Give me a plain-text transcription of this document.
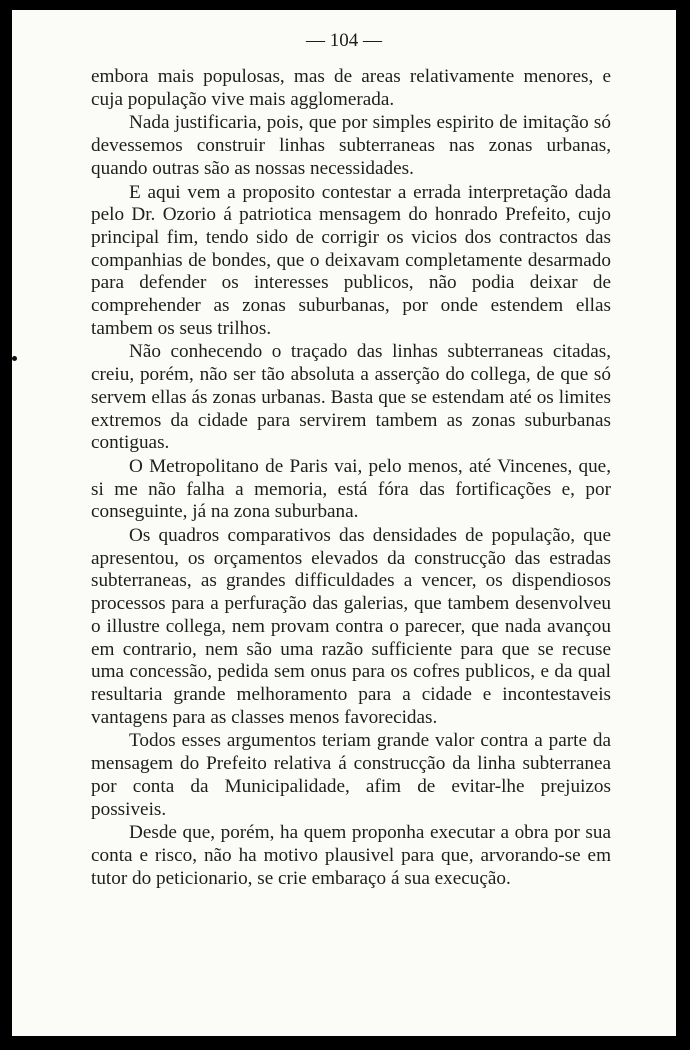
— 104 —

embora mais populosas, mas de areas relativamente menores, e cuja população vive mais agglomerada.

Nada justificaria, pois, que por simples espirito de imitação só devessemos construir linhas subterraneas nas zonas urbanas, quando outras são as nossas necessidades.

E aqui vem a proposito contestar a errada interpretação dada pelo Dr. Ozorio á patriotica mensagem do honrado Prefeito, cujo principal fim, tendo sido de corrigir os vicios dos contractos das companhias de bondes, que o deixavam completamente desarmado para defender os interesses publicos, não podia deixar de comprehender as zonas suburbanas, por onde estendem ellas tambem os seus trilhos.

Não conhecendo o traçado das linhas subterraneas citadas, creiu, porém, não ser tão absoluta a asserção do collega, de que só servem ellas ás zonas urbanas. Basta que se estendam até os limites extremos da cidade para servirem tambem as zonas suburbanas contiguas.

O Metropolitano de Paris vai, pelo menos, até Vincenes, que, si me não falha a memoria, está fóra das fortificações e, por conseguinte, já na zona suburbana.

Os quadros comparativos das densidades de população, que apresentou, os orçamentos elevados da construcção das estradas subterraneas, as grandes difficuldades a vencer, os dispendiosos processos para a perfuração das galerias, que tambem desenvolveu o illustre collega, nem provam contra o parecer, que nada avançou em contrario, nem são uma razão sufficiente para que se recuse uma concessão, pedida sem onus para os cofres publicos, e da qual resultaria grande melhoramento para a cidade e incontestaveis vantagens para as classes menos favorecidas.

Todos esses argumentos teriam grande valor contra a parte da mensagem do Prefeito relativa á construcção da linha subterranea por conta da Municipalidade, afim de evitar-lhe prejuizos possiveis.

Desde que, porém, ha quem proponha executar a obra por sua conta e risco, não ha motivo plausivel para que, arvorando-se em tutor do peticionario, se crie embaraço á sua execução.
